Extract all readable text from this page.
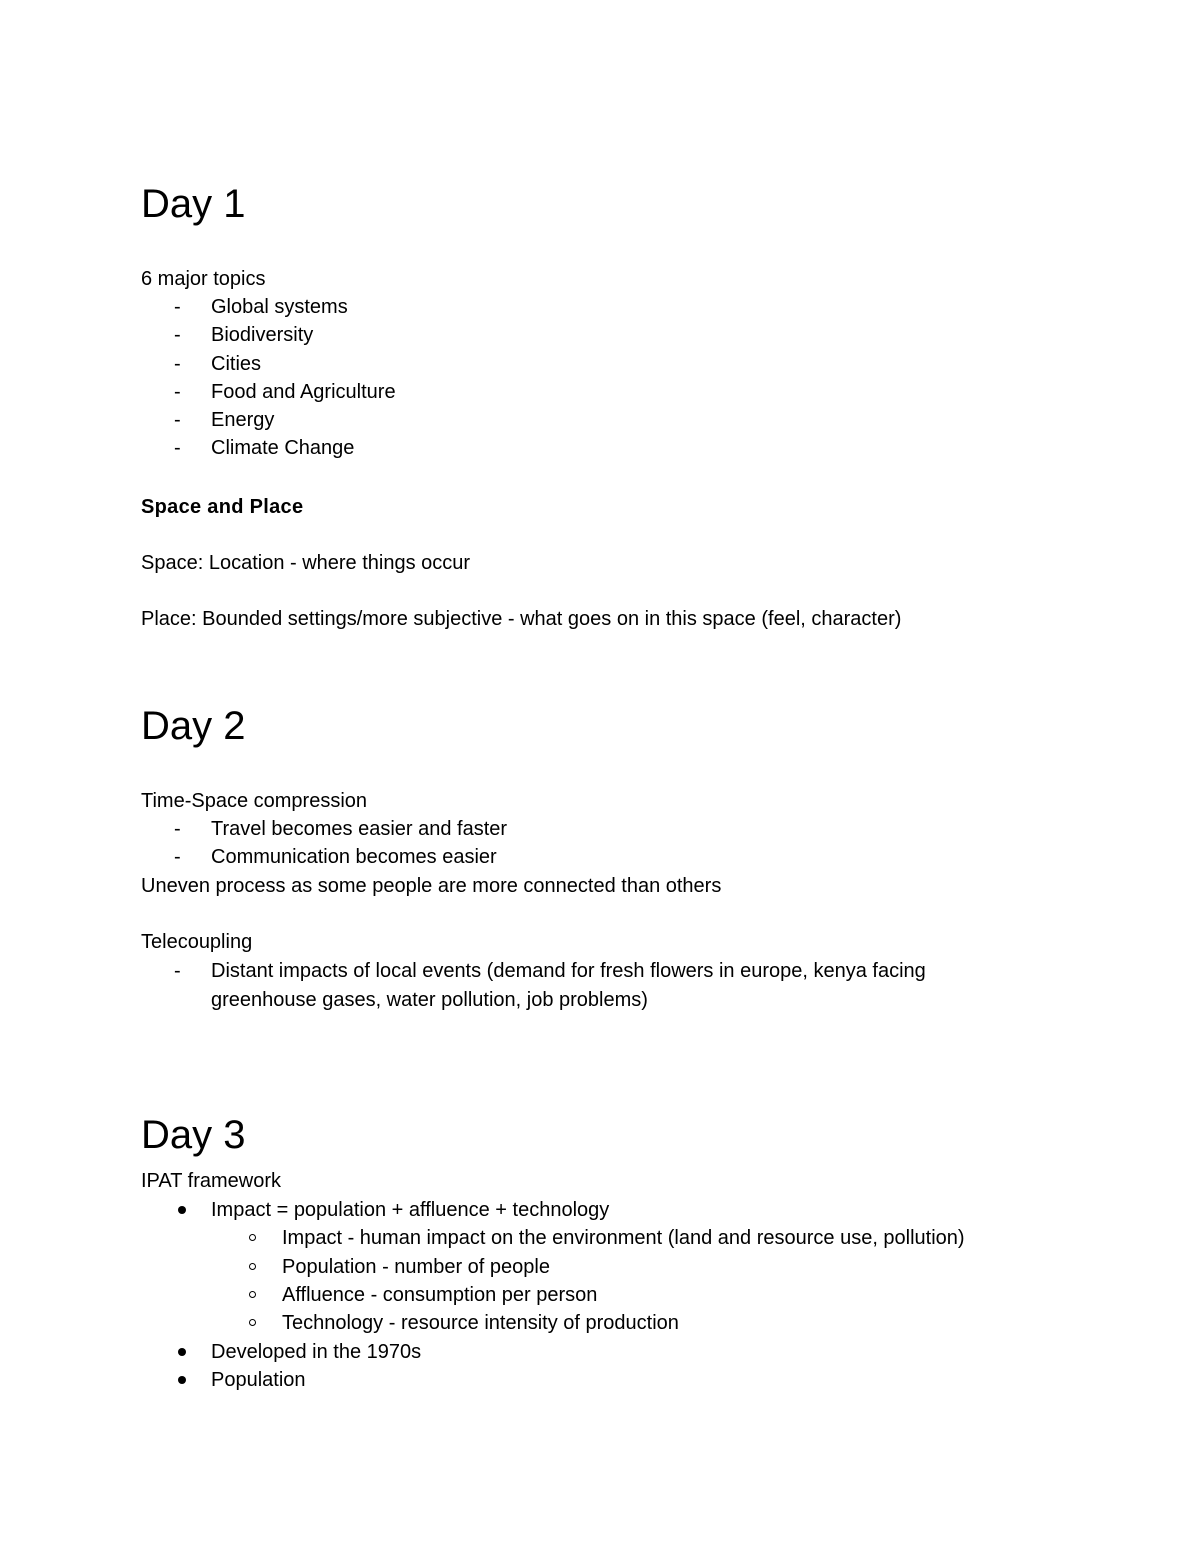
Day 1
6 major topics
- Global systems
- Biodiversity
- Cities
- Food and Agriculture
- Energy
- Climate Change
Space and Place
Space: Location - where things occur
Place: Bounded settings/more subjective - what goes on in this space (feel, character)
Day 2
Time-Space compression
- Travel becomes easier and faster
- Communication becomes easier
Uneven process as some people are more connected than others
Telecoupling
- Distant impacts of local events (demand for fresh flowers in europe, kenya facing
greenhouse gases, water pollution, job problems)
Day 3
IPAT framework
Impact = population + affluence + technology
Impact - human impact on the environment (land and resource use, pollution)
Population - number of people
Affluence - consumption per person
Technology - resource intensity of production
Developed in the 1970s
Population
